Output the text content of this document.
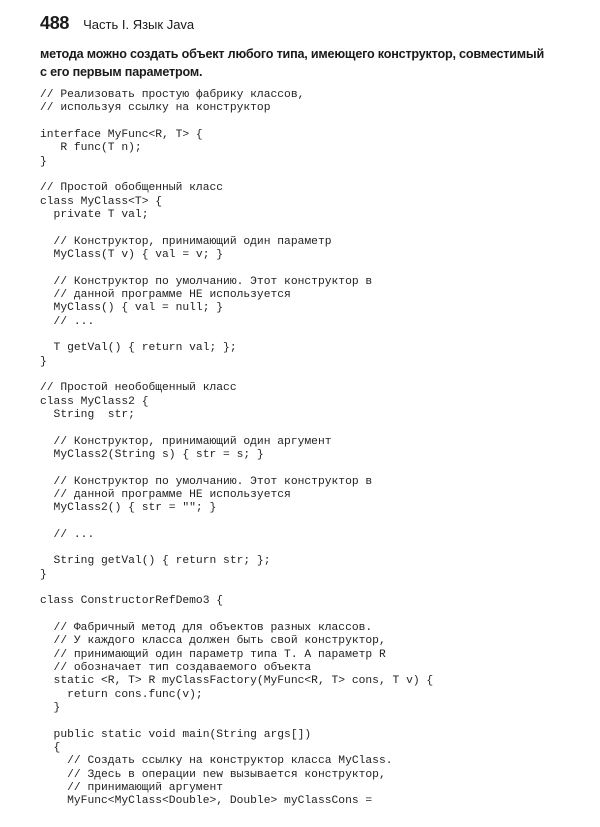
488 Часть I. Язык Java
метода можно создать объект любого типа, имеющего конструктор, совместимый
с его первым параметром.
// Реализовать простую фабрику классов,
// используя ссылку на конструктор
interface MyFunc<R, T> {
R func(T n);
}
// Простой обобщенный класс
class MyClass<T> {
private T val;
// Конструктор, принимающий один параметр
MyClass(T v) { val = v; }
// Конструктор по умолчанию. Этот конструктор в
// данной программе НЕ используется
MyClass() { val = null; }
// ...
T getVal() { return val; };
}
// Простой необобщенный класс
class MyClass2 {
String  str;
// Конструктор, принимающий один аргумент
MyClass2(String s) { str = s; }
// Конструктор по умолчанию. Этот конструктор в
// данной программе НЕ используется
MyClass2() { str = ""; }
// ...
String getVal() { return str; };
}
class ConstructorRefDemo3 {
// Фабричный метод для объектов разных классов.
// У каждого класса должен быть свой конструктор,
// принимающий один параметр типа T. А параметр R
// обозначает тип создаваемого объекта
static <R, T> R myClassFactory(MyFunc<R, T> cons, T v) {
return cons.func(v);
}
public static void main(String args[])
{
// Создать ссылку на конструктор класса MyClass.
// Здесь в операции new вызывается конструктор,
// принимающий аргумент
MyFunc<MyClass<Double>, Double> myClassCons =
